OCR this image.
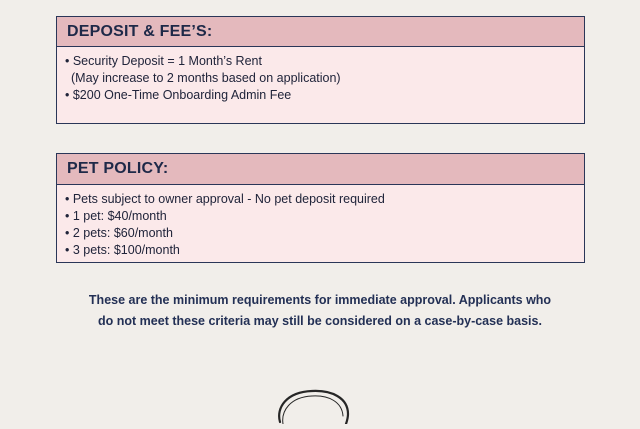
DEPOSIT & FEE’S:
• Security Deposit = 1 Month’s Rent
(May increase to 2 months based on application)
• $200 One-Time Onboarding Admin Fee
PET POLICY:
• Pets subject to owner approval - No pet deposit required
• 1 pet: $40/month
• 2 pets: $60/month
• 3 pets: $100/month
These are the minimum requirements for immediate approval. Applicants who
do not meet these criteria may still be considered on a case-by-case basis.
